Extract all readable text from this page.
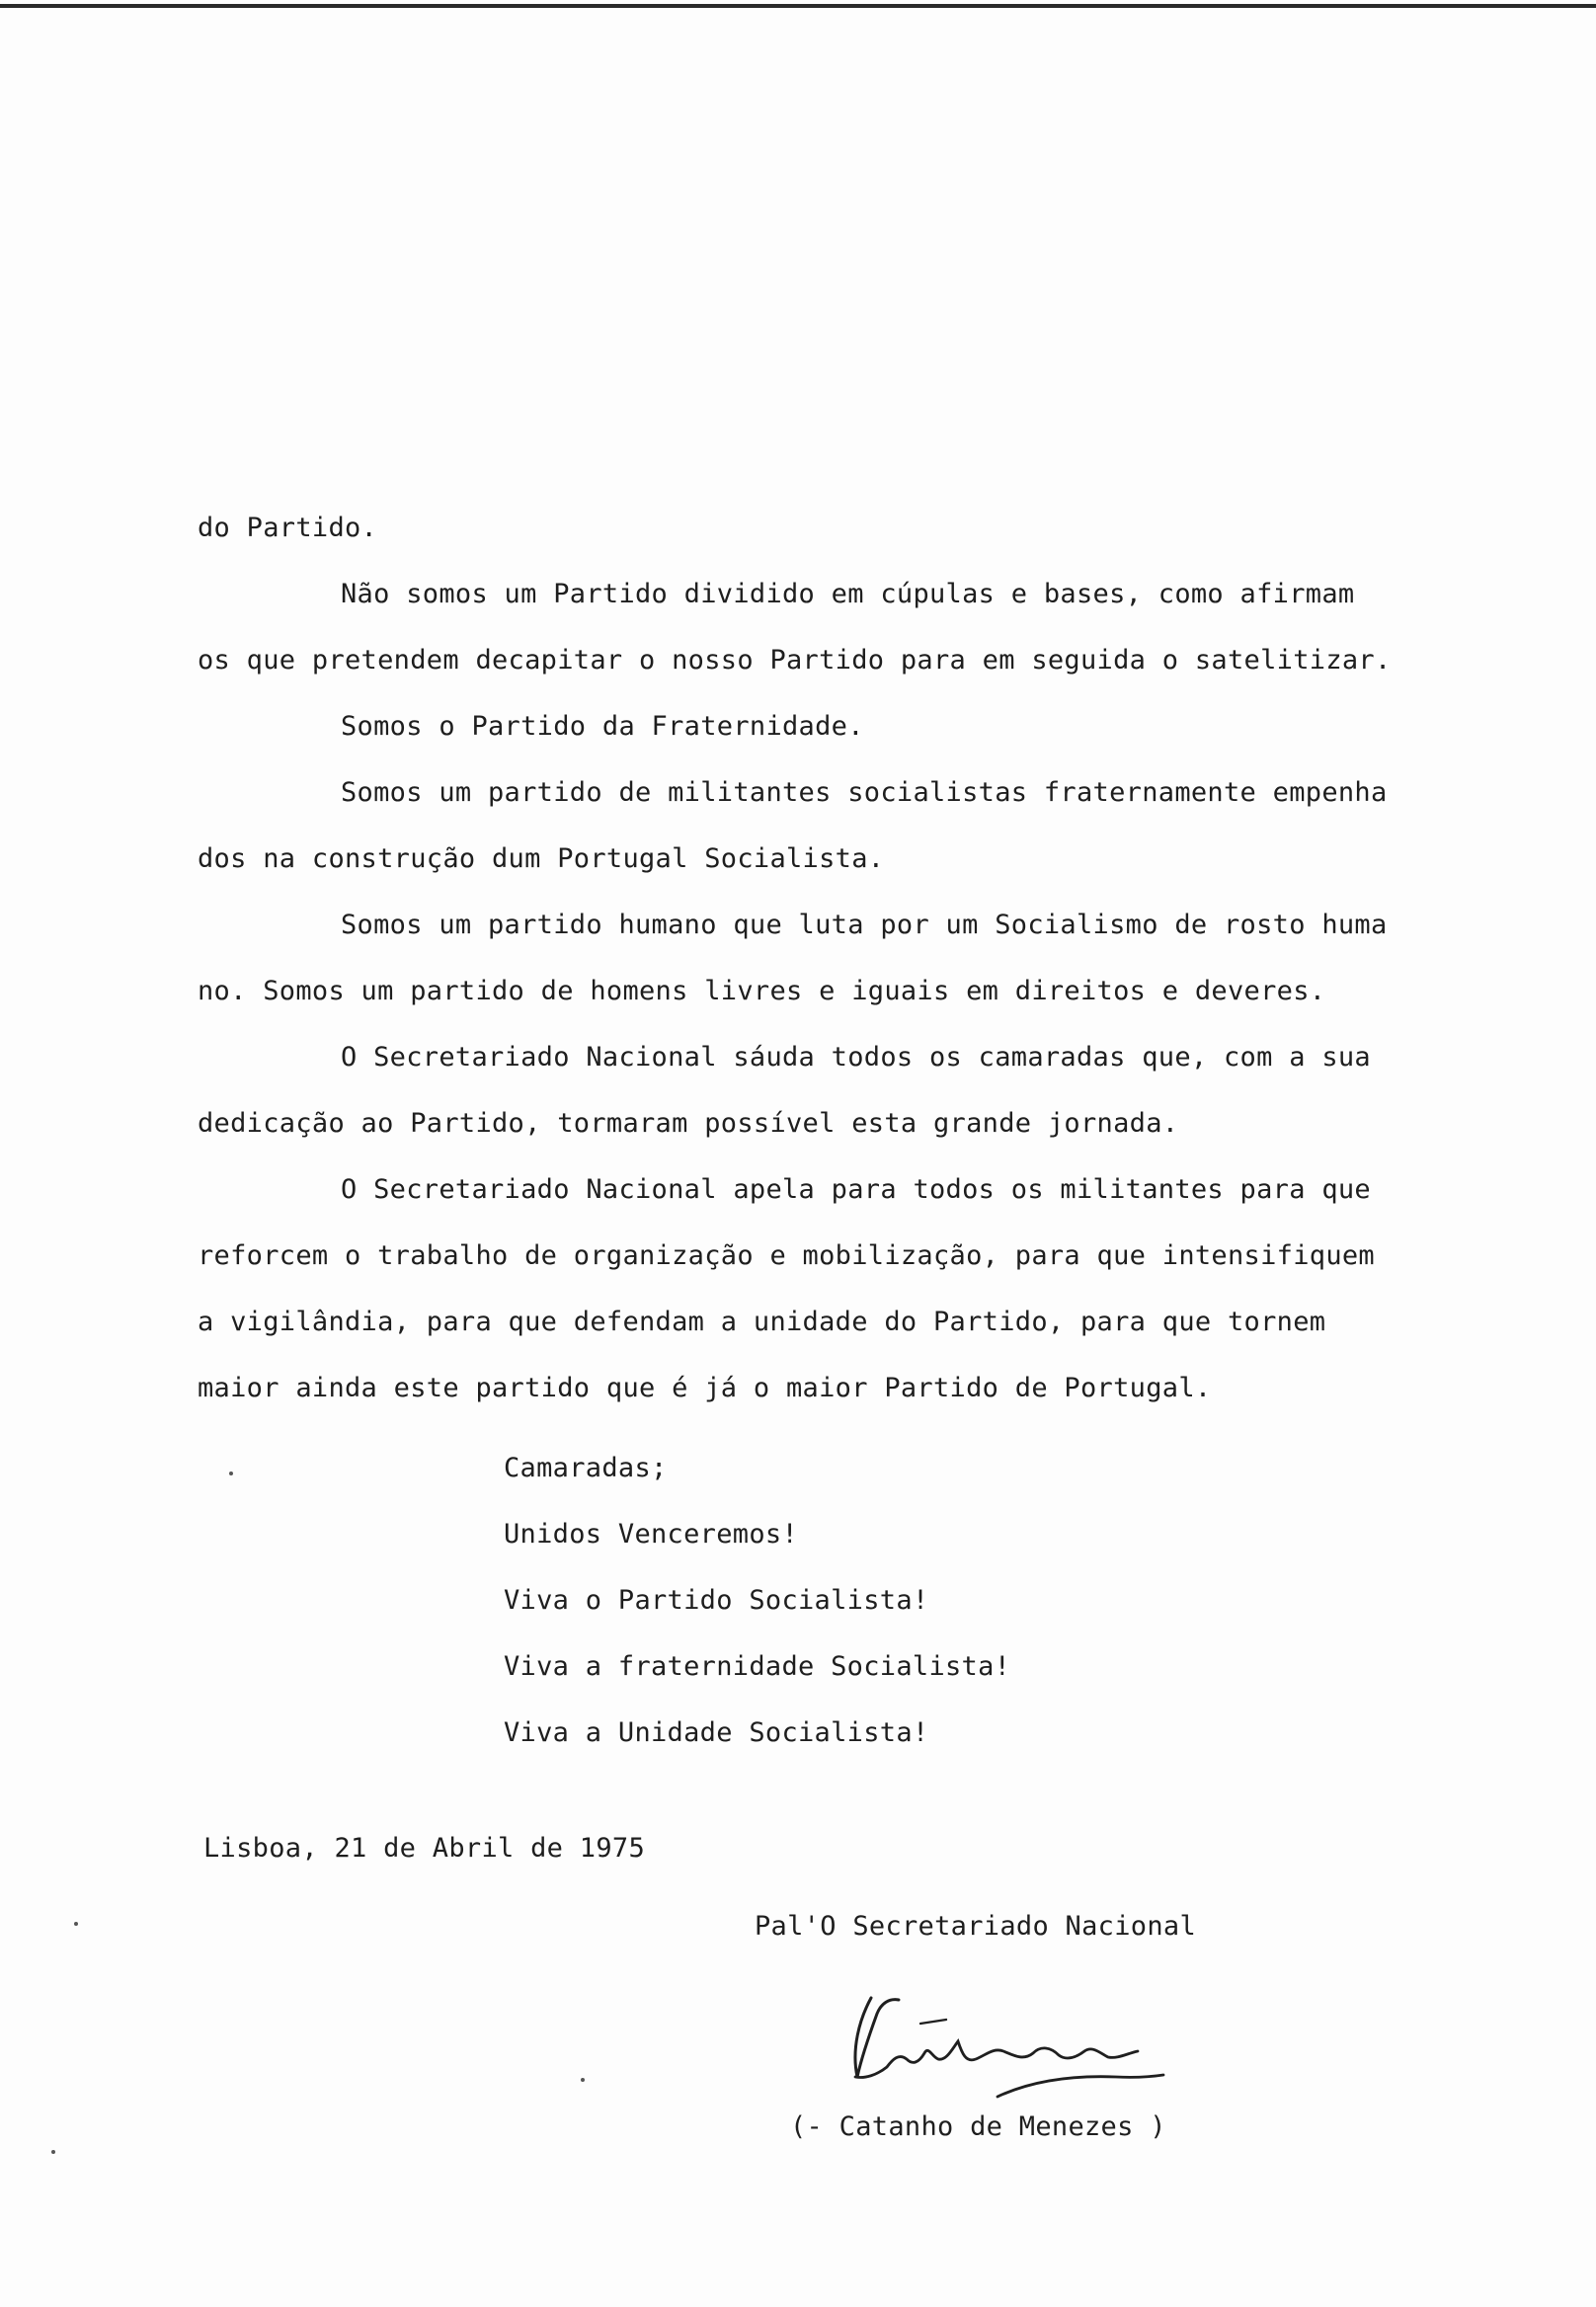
do Partido.
Não somos um Partido dividido em cúpulas e bases, como afirmam
os que pretendem decapitar o nosso Partido para em seguida o satelitizar.
Somos o Partido da Fraternidade.
Somos um partido de militantes socialistas fraternamente empenha
dos na construção dum Portugal Socialista.
Somos um partido humano que luta por um Socialismo de rosto huma
no. Somos um partido de homens livres e iguais em direitos e deveres.
O Secretariado Nacional sáuda todos os camaradas que, com a sua
dedicação ao Partido, tormaram possível esta grande jornada.
O Secretariado Nacional apela para todos os militantes para que
reforcem o trabalho de organização e mobilização, para que intensifiquem
a vigilândia, para que defendam a unidade do Partido, para que tornem
maior ainda este partido que é já o maior Partido de Portugal.
Camaradas;
Unidos Venceremos!
Viva o Partido Socialista!
Viva a fraternidade Socialista!
Viva a Unidade Socialista!
Lisboa, 21 de Abril de 1975
Pal'O Secretariado Nacional
(- Catanho de Menezes )
